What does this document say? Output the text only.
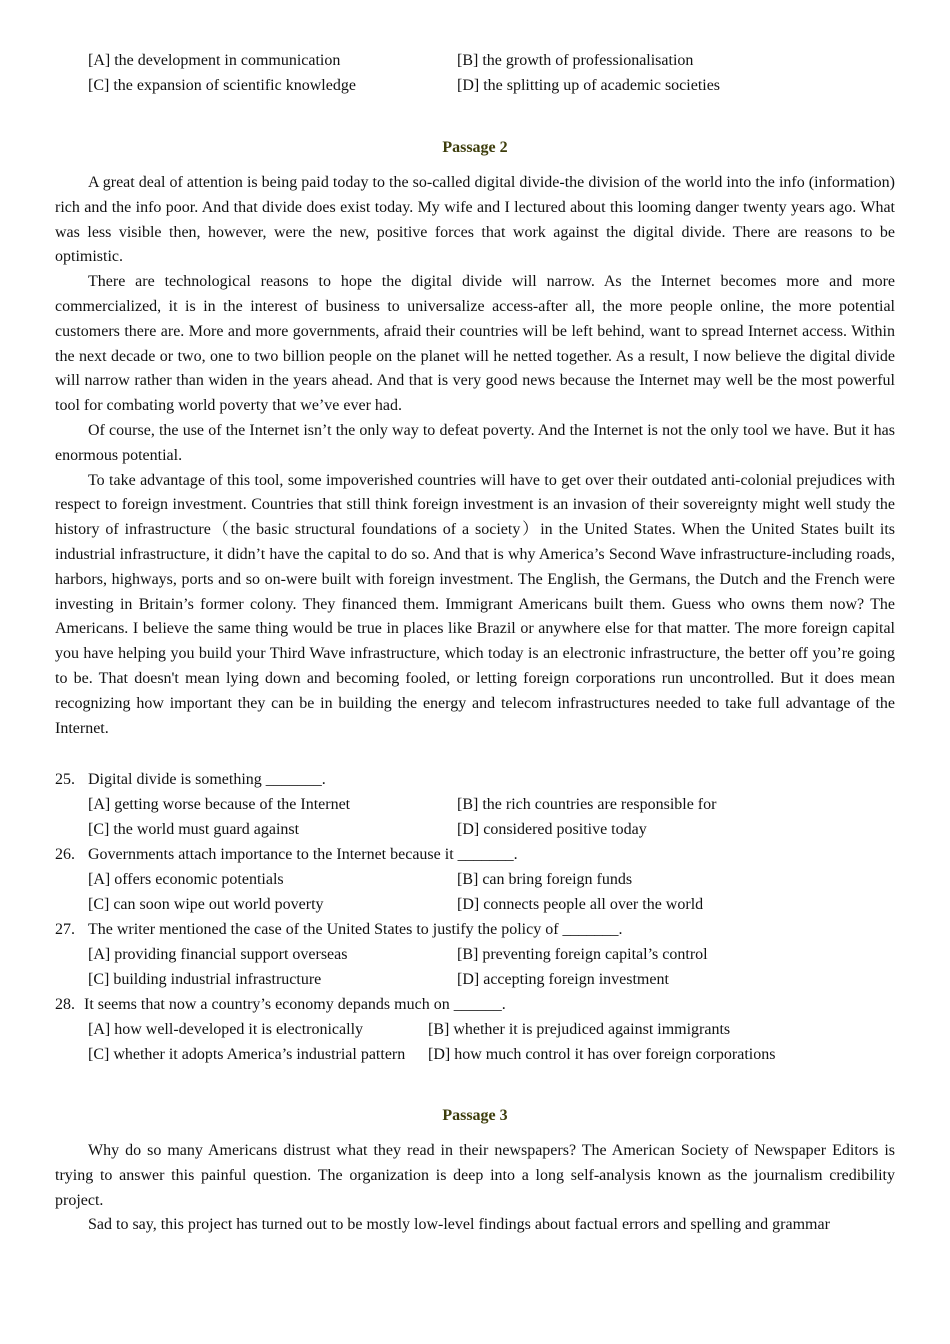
[A] the development in communication	[B] the growth of professionalisation
[C] the expansion of scientific knowledge	[D] the splitting up of academic societies
Passage 2

A great deal of attention is being paid today to the so-called digital divide-the division of the world into the info (information) rich and the info poor. And that divide does exist today. My wife and I lectured about this looming danger twenty years ago. What was less visible then, however, were the new, positive forces that work against the digital divide. There are reasons to be optimistic.

There are technological reasons to hope the digital divide will narrow. As the Internet becomes more and more commercialized, it is in the interest of business to universalize access-after all, the more people online, the more potential customers there are. More and more governments, afraid their countries will be left behind, want to spread Internet access. Within the next decade or two, one to two billion people on the planet will he netted together. As a result, I now believe the digital divide will narrow rather than widen in the years ahead. And that is very good news because the Internet may well be the most powerful tool for combating world poverty that we’ve ever had.

Of course, the use of the Internet isn’t the only way to defeat poverty. And the Internet is not the only tool we have. But it has enormous potential.

To take advantage of this tool, some impoverished countries will have to get over their outdated anti-colonial prejudices with respect to foreign investment. Countries that still think foreign investment is an invasion of their sovereignty might well study the history of infrastructure（the basic structural foundations of a society）in the United States. When the United States built its industrial infrastructure, it didn’t have the capital to do so. And that is why America’s Second Wave infrastructure-including roads, harbors, highways, ports and so on-were built with foreign investment. The English, the Germans, the Dutch and the French were investing in Britain’s former colony. They financed them. Immigrant Americans built them. Guess who owns them now? The Americans. I believe the same thing would be true in places like Brazil or anywhere else for that matter. The more foreign capital you have helping you build your Third Wave infrastructure, which today is an electronic infrastructure, the better off you’re going to be. That doesn't mean lying down and becoming fooled, or letting foreign corporations run uncontrolled. But it does mean recognizing how important they can be in building the energy and telecom infrastructures needed to take full advantage of the Internet.

25. Digital divide is something _______.
[A] getting worse because of the Internet	[B] the rich countries are responsible for
[C] the world must guard against	[D] considered positive today
26. Governments attach importance to the Internet because it _______.
[A] offers economic potentials	[B] can bring foreign funds
[C] can soon wipe out world poverty	[D] connects people all over the world
27. The writer mentioned the case of the United States to justify the policy of _______.
[A] providing financial support overseas	[B] preventing foreign capital’s control
[C] building industrial infrastructure	[D] accepting foreign investment
28. It seems that now a country’s economy depands much on ______.
[A] how well-developed it is electronically	[B] whether it is prejudiced against immigrants
[C] whether it adopts America’s industrial pattern [D] how much control it has over foreign corporations
Passage 3

Why do so many Americans distrust what they read in their newspapers? The American Society of Newspaper Editors is trying to answer this painful question. The organization is deep into a long self-analysis known as the journalism credibility project.

Sad to say, this project has turned out to be mostly low-level findings about factual errors and spelling and grammar
